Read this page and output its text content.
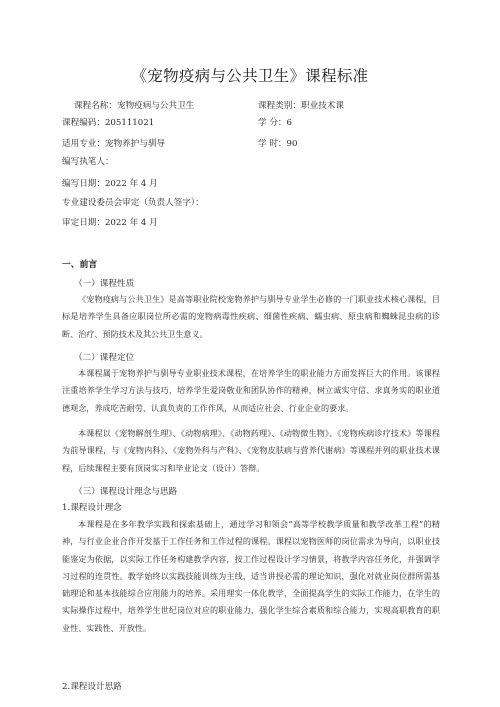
《宠物疫病与公共卫生》课程标准
课程名称：宠物疫病与公共卫生	课程类别：职业技术课
课程编码：205111021	学 分：6
适用专业：宠物养护与驯导	学 时：90
编写执笔人：
编写日期：2022 年 4 月
专业建设委员会审定（负责人签字）：
审定日期：2022 年 4 月
一、前言
（一）课程性质
《宠物疫病与公共卫生》是高等职业院校宠物养护与驯导专业学生必修的一门职业技术核心课程，目标是培养学生具备应职岗位所必需的宠物病毒性疾病、细菌性疾病、蠕虫病、原虫病和蜘蛛昆虫病的诊断、治疗、预防技术及其公共卫生意义。
（二）课程定位
本课程属于宠物养护与驯导专业职业技术课程，在培养学生的职业能力方面发挥巨大的作用。该课程注重培养学生学习方法与技巧，培养学生爱岗敬业和团队协作的精神，树立诚实守信、求真务实的职业道德观念，养成吃苦耐劳、认真负责的工作作风，从而适应社会、行业企业的要求。
本课程以《宠物解剖生理》、《动物病理》、《动物药理》、《动物微生物》、《宠物疾病诊疗技术》等课程为前导课程，与《宠物内科》、《宠物外科与产科》、《宠物皮肤病与营养代谢病》等课程并列的职业技术课程，后续课程主要有顶岗实习和毕业论文（设计）答辩。
（三）课程设计理念与思路
1.课程设计理念
本课程是在多年教学实践和探索基础上，通过学习和领会“高等学校教学质量和教学改革工程”的精神，与行业企业合作开发基于工作任务和工作过程的课程。课程以宠物医师的岗位需求为导向，以职业技能鉴定为依据，以实际工作任务构建教学内容，按工作过程设计学习情景，将教学内容任务化，并强调学习过程的连贯性。教学始终以实践技能训练为主线，适当讲授必需的理论知识，强化对就业岗位群所需基础理论和基本技能综合应用能力的培养。采用理实一体化教学，全面提高学生的实际工作能力，在学生的实际操作过程中，培养学生世纪岗位对应的职业能力，强化学生综合素质和综合能力，实现高职教育的职业性、实践性、开放性。
2.课程设计思路
